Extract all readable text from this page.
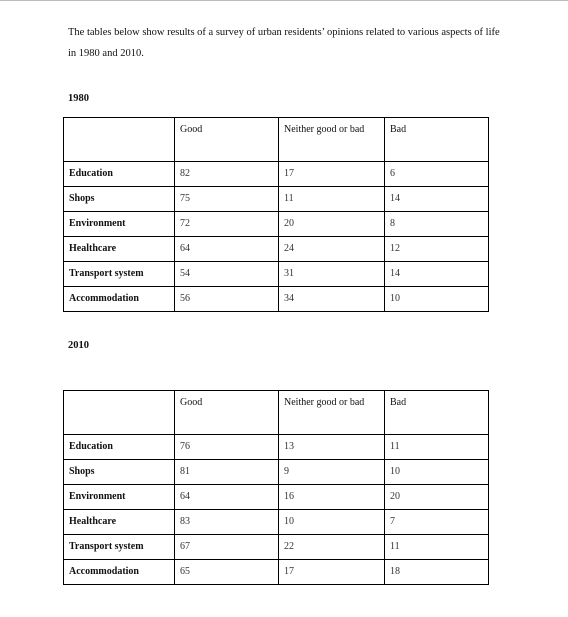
The tables below show results of a survey of urban residents’ opinions related to various aspects of life in 1980 and 2010.

1980

	Good	Neither good or bad	Bad
Education	82	17	6
Shops	75	11	14
Environment	72	20	8
Healthcare	64	24	12
Transport system	54	31	14
Accommodation	56	34	10

2010

	Good	Neither good or bad	Bad
Education	76	13	11
Shops	81	9	10
Environment	64	16	20
Healthcare	83	10	7
Transport system	67	22	11
Accommodation	65	17	18
